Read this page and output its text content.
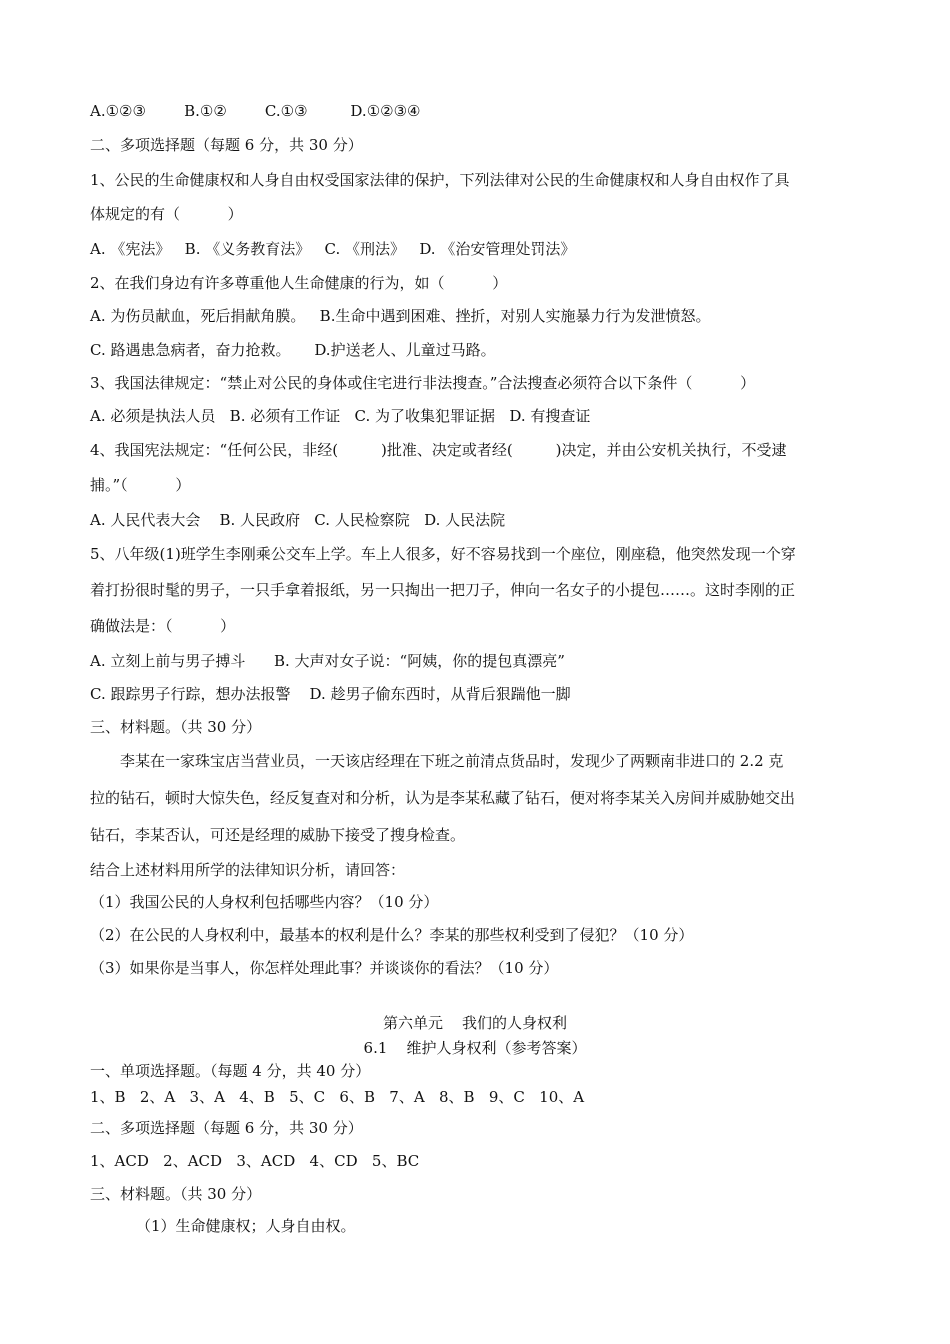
A.①②③        B.①②        C.①③         D.①②③④
二、多项选择题（每题 6 分，共 30 分）
1、公民的生命健康权和人身自由权受国家法律的保护，下列法律对公民的生命健康权和人身自由权作了具
体规定的有（          ）
A. 《宪法》   B. 《义务教育法》   C. 《刑法》   D. 《治安管理处罚法》
2、在我们身边有许多尊重他人生命健康的行为，如（          ）
A. 为伤员献血，死后捐献角膜。   B.生命中遇到困难、挫折，对别人实施暴力行为发泄愤怒。
C. 路遇患急病者，奋力抢救。     D.护送老人、儿童过马路。
3、我国法律规定：“禁止对公民的身体或住宅进行非法搜查。”合法搜查必须符合以下条件（          ）
A. 必须是执法人员   B. 必须有工作证   C. 为了收集犯罪证据   D. 有搜查证
4、我国宪法规定：“任何公民，非经(         )批准、决定或者经(         )决定，并由公安机关执行，不受逮
捕。”（          ）
A. 人民代表大会    B. 人民政府   C. 人民检察院   D. 人民法院
5、八年级(1)班学生李刚乘公交车上学。车上人很多，好不容易找到一个座位，刚座稳，他突然发现一个穿
着打扮很时髦的男子，一只手拿着报纸，另一只掏出一把刀子，伸向一名女子的小提包……。这时李刚的正
确做法是：（          ）
A. 立刻上前与男子搏斗      B. 大声对女子说：“阿姨，你的提包真漂亮”
C. 跟踪男子行踪，想办法报警    D. 趁男子偷东西时，从背后狠踹他一脚
三、材料题。（共 30 分）
李某在一家珠宝店当营业员，一天该店经理在下班之前清点货品时，发现少了两颗南非进口的 2.2 克
拉的钻石，顿时大惊失色，经反复查对和分析，认为是李某私藏了钻石，便对将李某关入房间并威胁她交出
钻石，李某否认，可还是经理的威胁下接受了搜身检查。
结合上述材料用所学的法律知识分析，请回答：
（1）我国公民的人身权利包括哪些内容？（10 分）
（2）在公民的人身权利中，最基本的权利是什么？李某的那些权利受到了侵犯？（10 分）
（3）如果你是当事人，你怎样处理此事？并谈谈你的看法？（10 分）
第六单元    我们的人身权利
6.1    维护人身权利（参考答案）
一、单项选择题。（每题 4 分，共 40 分）
1、B   2、A   3、A   4、B   5、C   6、B   7、A   8、B   9、C   10、A
二、多项选择题（每题 6 分，共 30 分）
1、ACD   2、ACD   3、ACD   4、CD   5、BC
三、材料题。（共 30 分）
（1）生命健康权；人身自由权。
